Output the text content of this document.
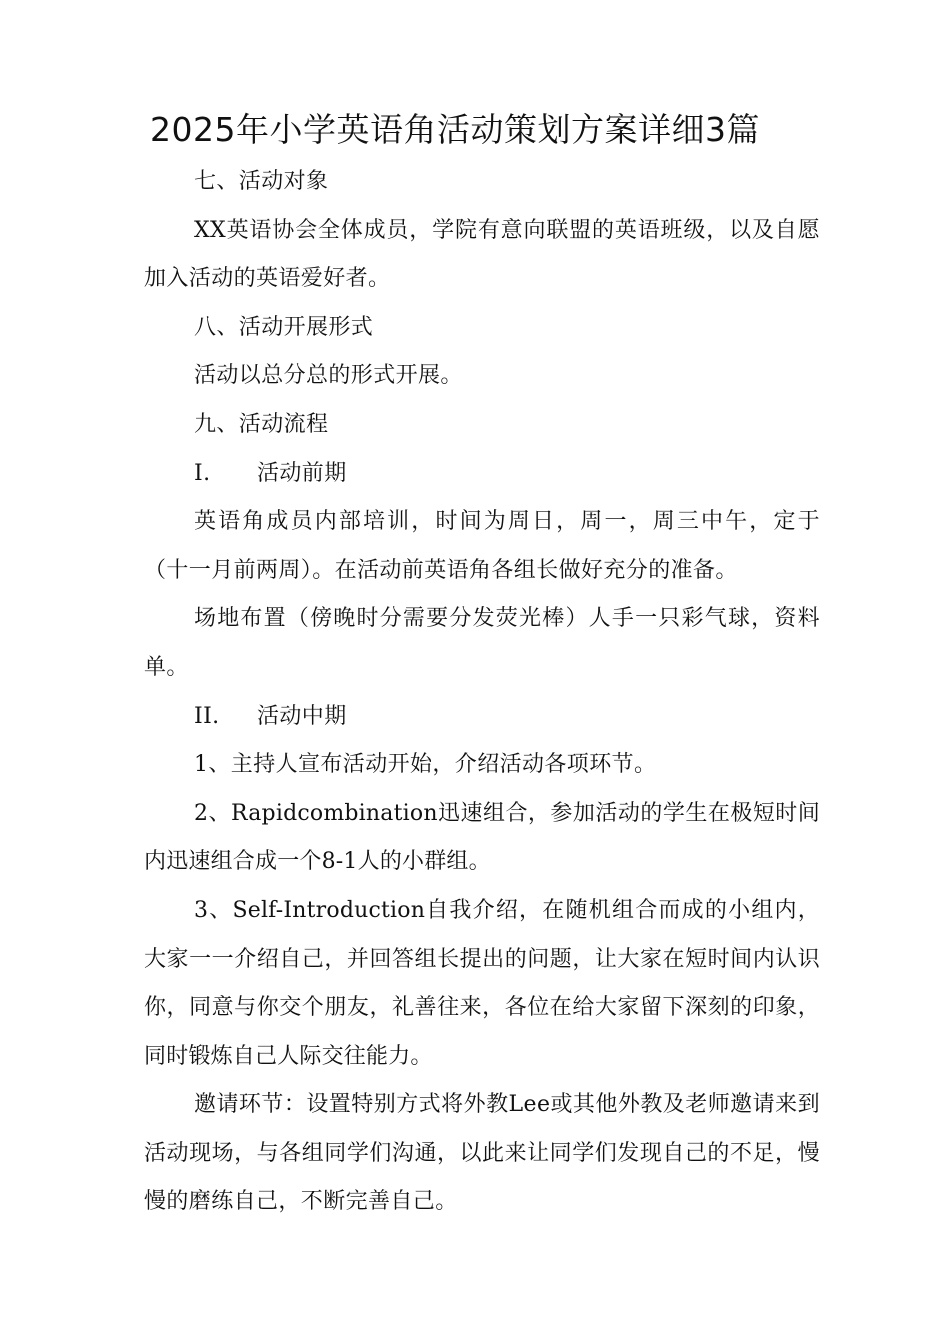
2025年小学英语角活动策划方案详细3篇

七、活动对象

XX英语协会全体成员，学院有意向联盟的英语班级，以及自愿加入活动的英语爱好者。

八、活动开展形式

活动以总分总的形式开展。

九、活动流程

I. 活动前期

英语角成员内部培训，时间为周日，周一，周三中午，定于（十一月前两周）。在活动前英语角各组长做好充分的准备。

场地布置（傍晚时分需要分发荧光棒）人手一只彩气球，资料单。

II. 活动中期

1、主持人宣布活动开始，介绍活动各项环节。

2、Rapidcombination迅速组合，参加活动的学生在极短时间内迅速组合成一个8-1人的小群组。

3、Self-Introduction自我介绍，在随机组合而成的小组内，大家一一介绍自己，并回答组长提出的问题，让大家在短时间内认识你，同意与你交个朋友，礼善往来，各位在给大家留下深刻的印象，同时锻炼自己人际交往能力。

邀请环节：设置特别方式将外教Lee或其他外教及老师邀请来到活动现场，与各组同学们沟通，以此来让同学们发现自己的不足，慢慢的磨练自己，不断完善自己。
